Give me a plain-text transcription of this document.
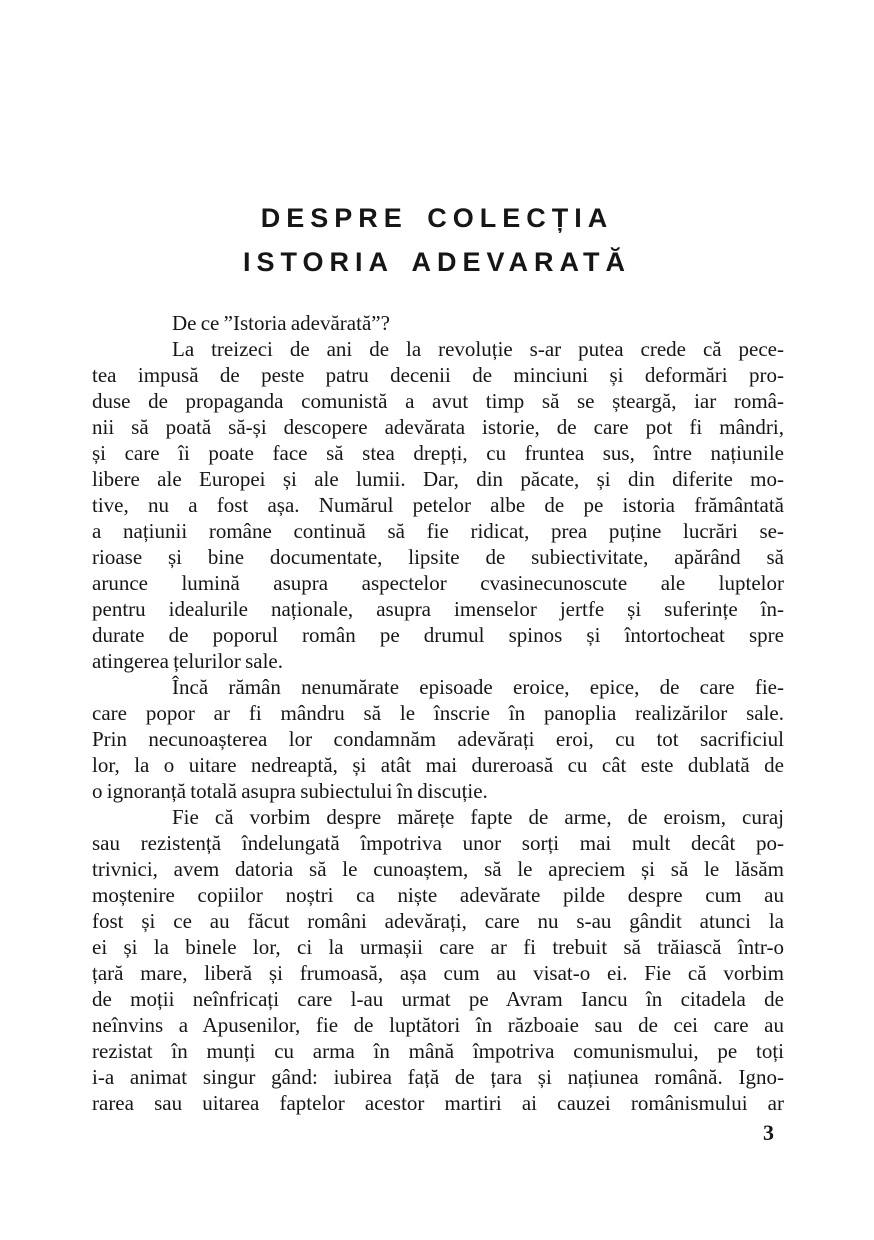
DESPRE COLECȚIA
ISTORIA ADEVARATĂ
De ce ”Istoria adevărată”?
La treizeci de ani de la revoluție s-ar putea crede că pece-
tea impusă de peste patru decenii de minciuni și deformări pro-
duse de propaganda comunistă a avut timp să se șteargă, iar româ-
nii să poată să-și descopere adevărata istorie, de care pot fi mândri,
și care îi poate face să stea drepți, cu fruntea sus, între națiunile
libere ale Europei și ale lumii. Dar, din păcate, și din diferite mo-
tive, nu a fost așa. Numărul petelor albe de pe istoria frământată
a națiunii române continuă să fie ridicat, prea puține lucrări se-
rioase și bine documentate, lipsite de subiectivitate, apărând să
arunce lumină asupra aspectelor cvasinecunoscute ale luptelor
pentru idealurile naționale, asupra imenselor jertfe și suferințe în-
durate de poporul român pe drumul spinos și întortocheat spre
atingerea țelurilor sale.
Încă rămân nenumărate episoade eroice, epice, de care fie-
care popor ar fi mândru să le înscrie în panoplia realizărilor sale.
Prin necunoașterea lor condamnăm adevărați eroi, cu tot sacrificiul
lor, la o uitare nedreaptă, și atât mai dureroasă cu cât este dublată de
o ignoranță totală asupra subiectului în discuție.
Fie că vorbim despre mărețe fapte de arme, de eroism, curaj
sau rezistență îndelungată împotriva unor sorți mai mult decât po-
trivnici, avem datoria să le cunoaștem, să le apreciem și să le lăsăm
moștenire copiilor noștri ca niște adevărate pilde despre cum au
fost și ce au făcut români adevărați, care nu s-au gândit atunci la
ei și la binele lor, ci la urmașii care ar fi trebuit să trăiască într-o
țară mare, liberă și frumoasă, așa cum au visat-o ei. Fie că vorbim
de moții neînfricați care l-au urmat pe Avram Iancu în citadela de
neînvins a Apusenilor, fie de luptători în războaie sau de cei care au
rezistat în munți cu arma în mână împotriva comunismului, pe toți
i-a animat singur gând: iubirea față de țara și națiunea română. Igno-
rarea sau uitarea faptelor acestor martiri ai cauzei românismului ar
3
